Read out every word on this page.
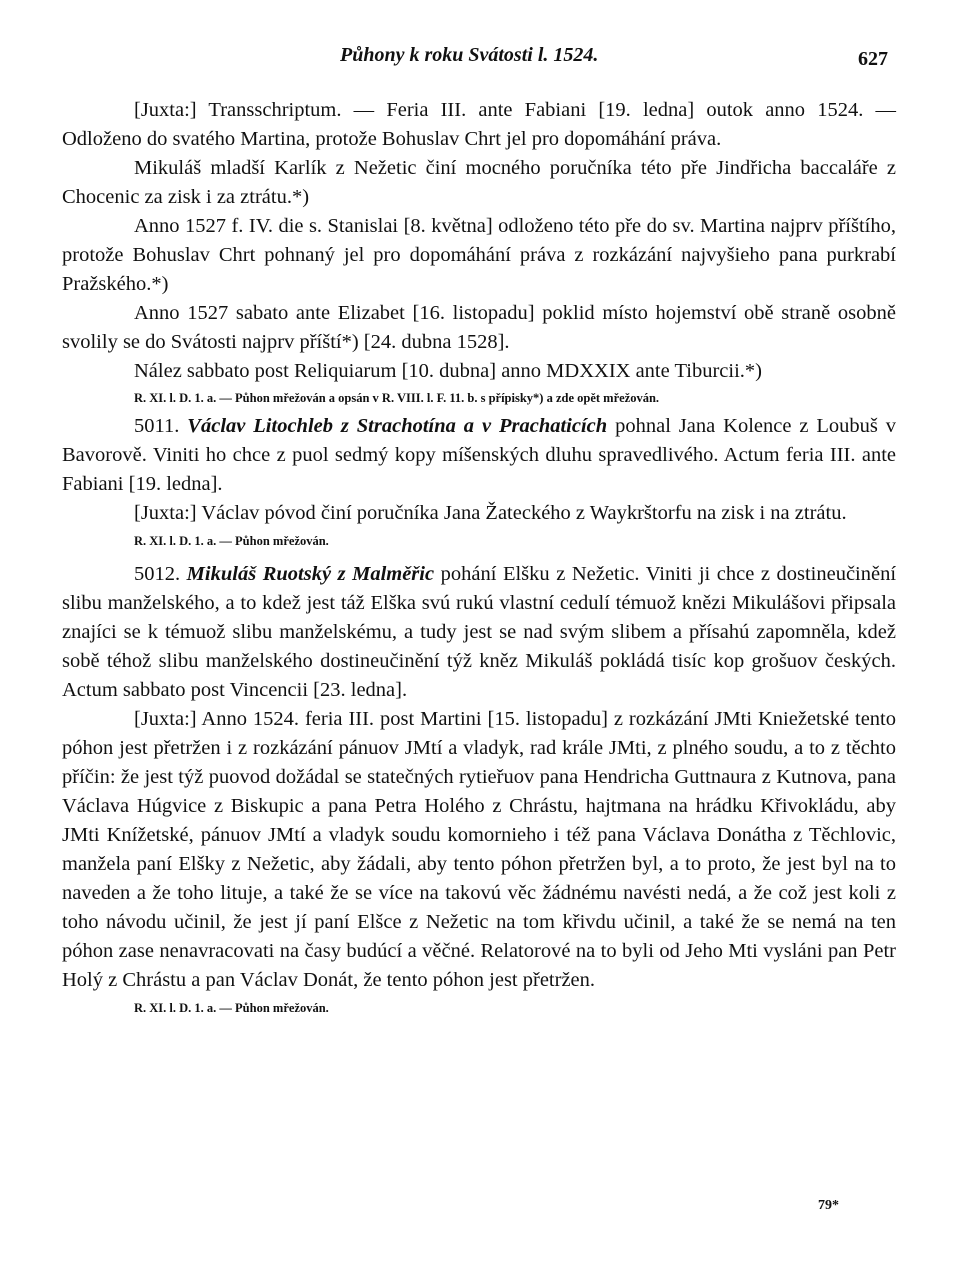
Půhony k roku Svátosti l. 1524.	627

[Juxta:] Transschriptum. — Feria III. ante Fabiani [19. ledna] outok anno 1524. — Odloženo do svatého Martina, protože Bohuslav Chrt jel pro dopomáhání práva.

Mikuláš mladší Karlík z Nežetic činí mocného poručníka této pře Jindřicha baccaláře z Chocenic za zisk i za ztrátu.*)

Anno 1527 f. IV. die s. Stanislai [8. května] odloženo této pře do sv. Martina najprv příštího, protože Bohuslav Chrt pohnaný jel pro dopomáhání práva z rozkázání najvyšieho pana purkrabí Pražského.*)

Anno 1527 sabato ante Elizabet [16. listopadu] poklid místo hojemství obě straně osobně svolily se do Svátosti najprv příští*) [24. dubna 1528].

Nález sabbato post Reliquiarum [10. dubna] anno MDXXIX ante Tiburcii.*)

R. XI. l. D. 1. a. — Půhon mřežován a opsán v R. VIII. l. F. 11. b. s přípisky*) a zde opět mřežován.

5011. Václav Litochleb z Strachotína a v Prachaticích pohnal Jana Kolence z Loubuš v Bavorově. Viniti ho chce z puol sedmý kopy míšenských dluhu spravedlivého. Actum feria III. ante Fabiani [19. ledna].

[Juxta:] Václav póvod činí poručníka Jana Žateckého z Waykrštorfu na zisk i na ztrátu.

R. XI. l. D. 1. a. — Půhon mřežován.

5012. Mikuláš Ruotský z Malměřic pohání Elšku z Nežetic. Viniti ji chce z dostineučinění slibu manželského, a to kdež jest táž Elška svú rukú vlastní cedulí témuož knězi Mikulášovi připsala znajíci se k témuož slibu manželskému, a tudy jest se nad svým slibem a přísahú zapomněla, kdež sobě téhož slibu manželského dostineučinění týž kněz Mikuláš pokládá tisíc kop grošuov českých. Actum sabbato post Vincencii [23. ledna].

[Juxta:] Anno 1524. feria III. post Martini [15. listopadu] z rozkázání JMti Kniežetské tento póhon jest přetržen i z rozkázání pánuov JMtí a vladyk, rad krále JMti, z plného soudu, a to z těchto příčin: že jest týž puovod dožádal se statečných rytieřuov pana Hendricha Guttnaura z Kutnova, pana Václava Húgvice z Biskupic a pana Petra Holého z Chrástu, hajtmana na hrádku Křivokládu, aby JMti Knížetské, pánuov JMtí a vladyk soudu komornieho i též pana Václava Donátha z Těchlovic, manžela paní Elšky z Nežetic, aby žádali, aby tento póhon přetržen byl, a to proto, že jest byl na to naveden a že toho lituje, a také že se více na takovú věc žádnému navésti nedá, a že což jest koli z toho návodu učinil, že jest jí paní Elšce z Nežetic na tom křivdu učinil, a také že se nemá na ten póhon zase nenavracovati na časy budúcí a věčné. Relatorové na to byli od Jeho Mti vysláni pan Petr Holý z Chrástu a pan Václav Donát, že tento póhon jest přetržen.

R. XI. l. D. 1. a. — Půhon mřežován.

79*
